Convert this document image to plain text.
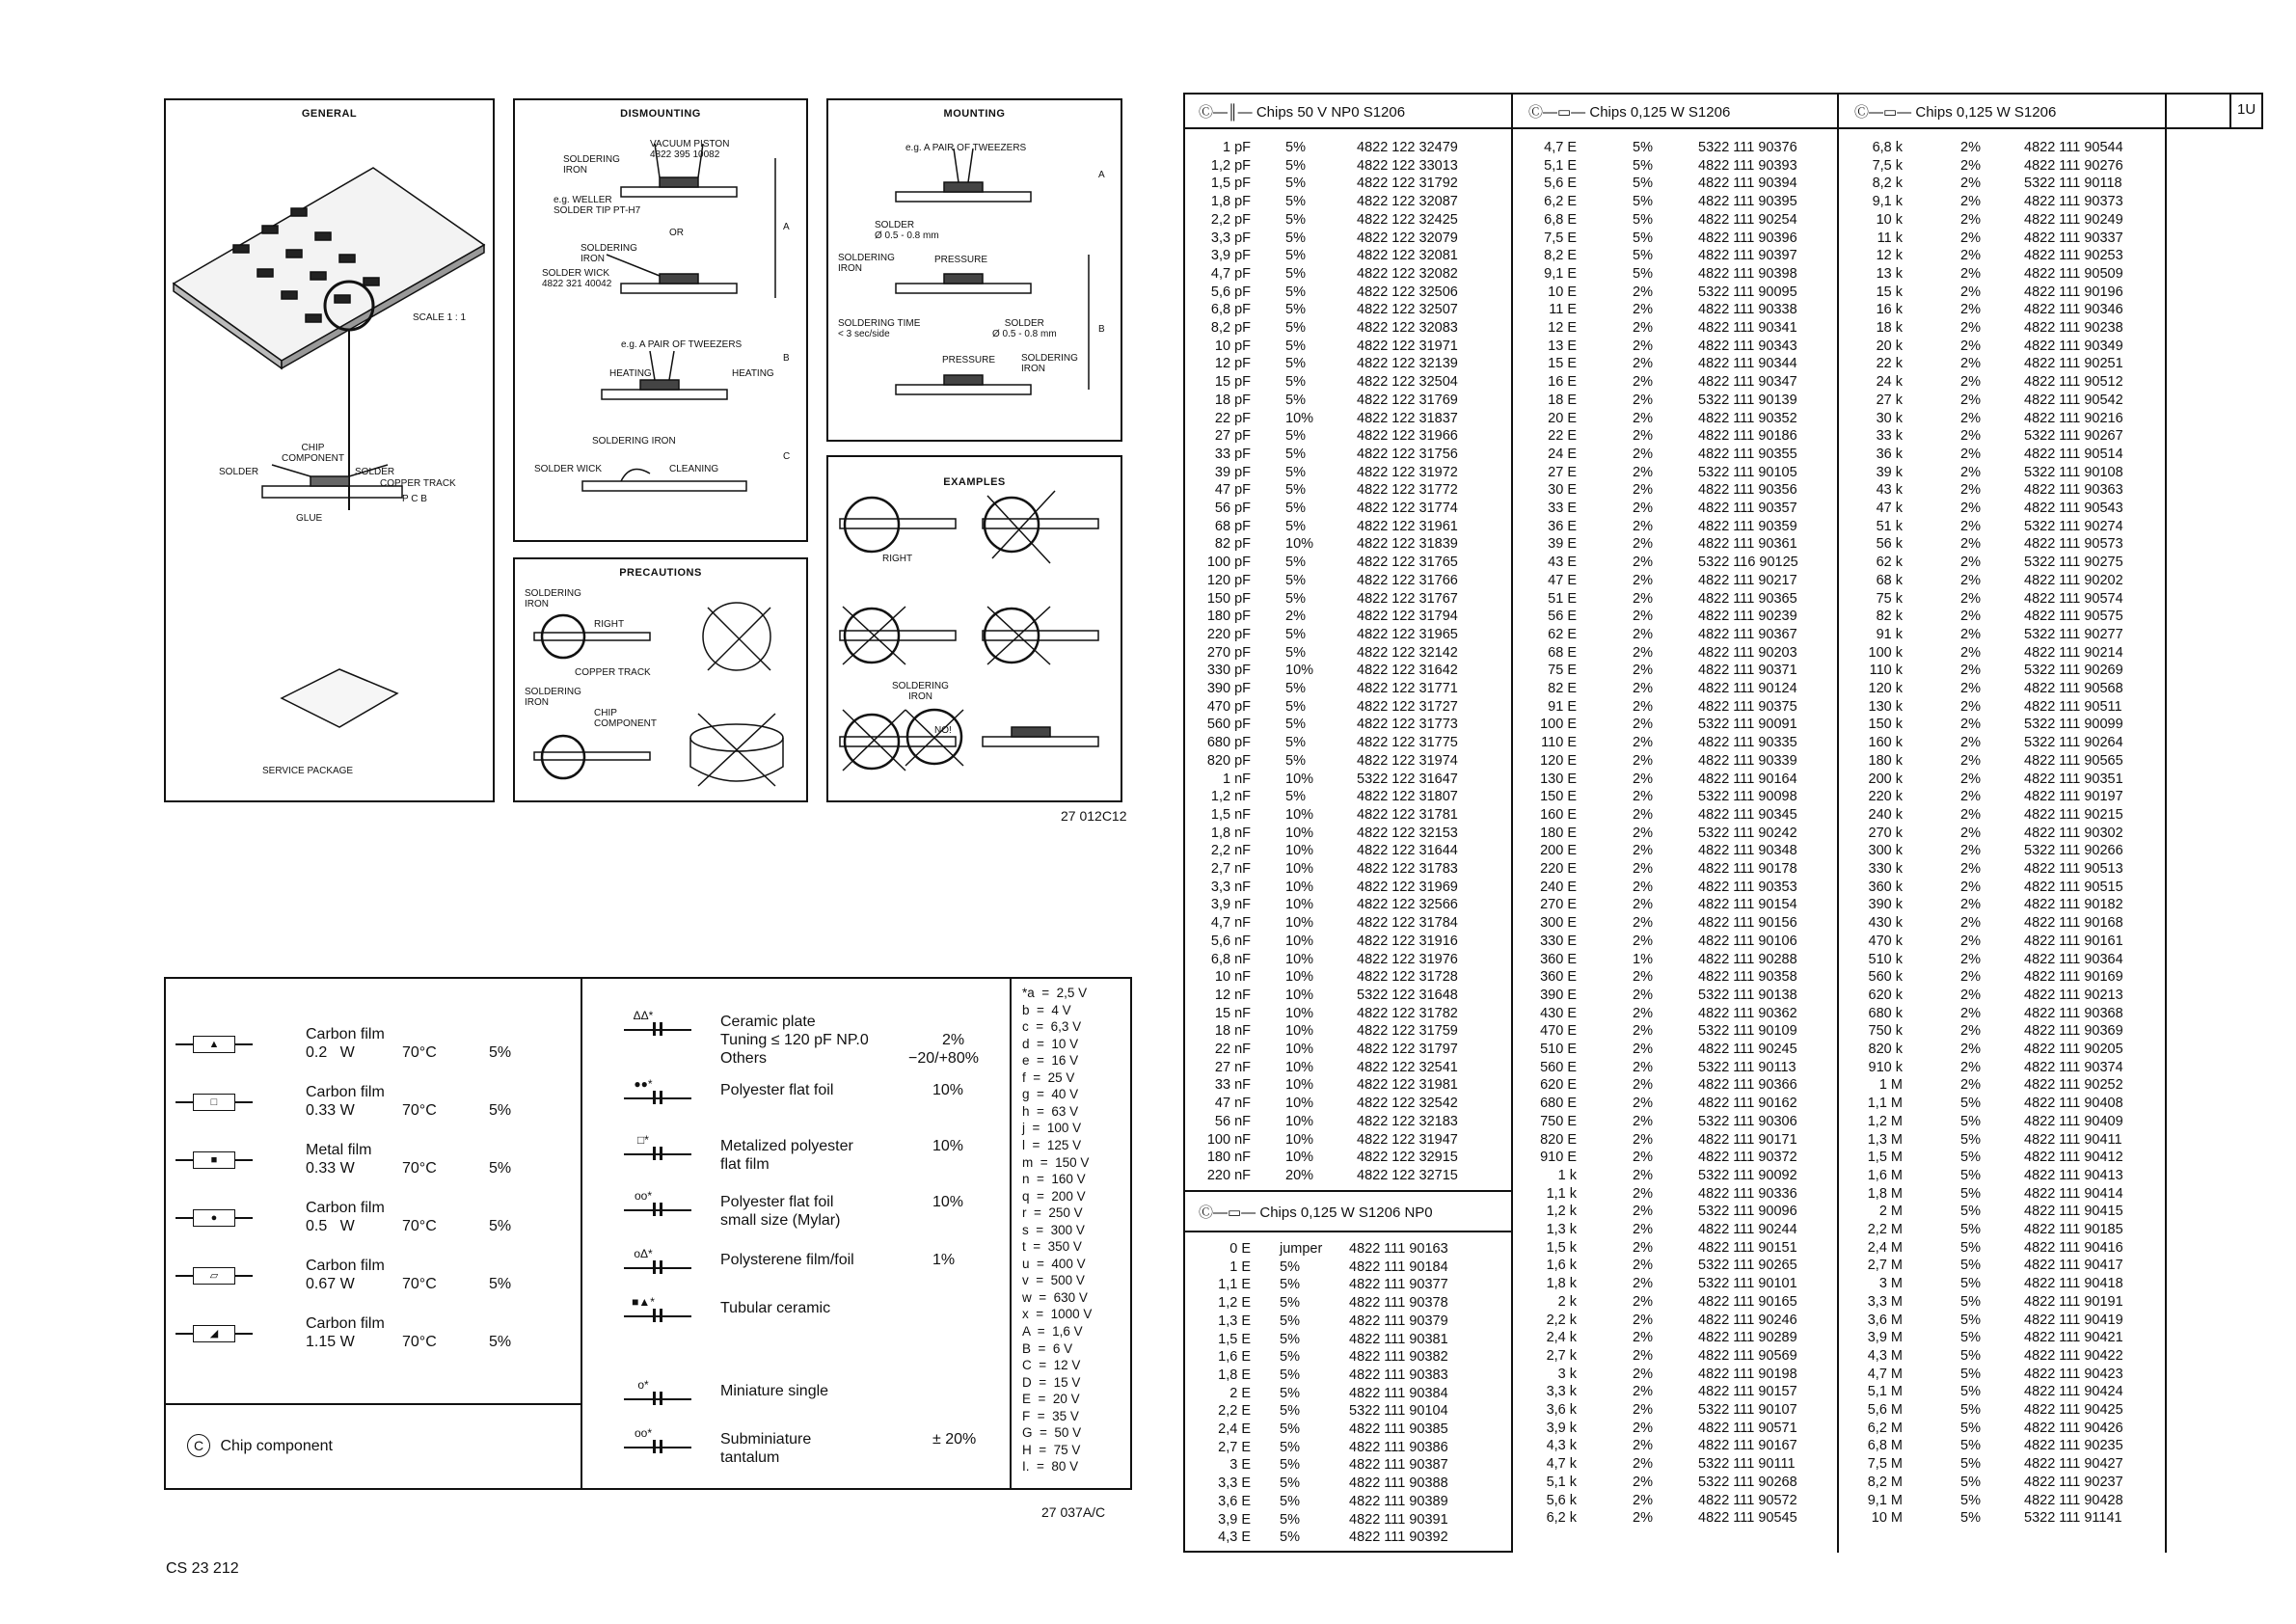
GENERAL
SCALE 1 : 1
CHIP
COMPONENT
SOLDER	SOLDER
COPPER TRACK
P C B
GLUE
SERVICE PACKAGE
DISMOUNTING
VACUUM PISTON
4822 395 10082
SOLDERING
IRON
e.g. WELLER
SOLDER TIP PT-H7
OR
SOLDERING
IRON
SOLDER WICK
4822 321 40042
A
e.g. A PAIR OF TWEEZERS
B
HEATING	HEATING
SOLDERING IRON
C
SOLDER WICK	CLEANING
MOUNTING
e.g. A PAIR OF TWEEZERS
A
SOLDER
Ø 0.5 - 0.8 mm
SOLDERING
IRON
PRESSURE
SOLDERING TIME
< 3 sec/side
SOLDER
Ø 0.5 - 0.8 mm	B
PRESSURE	SOLDERING
IRON
PRECAUTIONS
SOLDERING
IRON
RIGHT
COPPER TRACK
SOLDERING
IRON
CHIP
COMPONENT
EXAMPLES
RIGHT
SOLDERING
IRON
NO!
27 012C12
▲
Carbon film
0.2   W	70°C	5%
□
Carbon film
0.33 W	70°C	5%
■
Metal film
0.33 W	70°C	5%
●
Carbon film
0.5   W	70°C	5%
▱
Carbon film
0.67 W	70°C	5%
◢
Carbon film
1.15 W	70°C	5%
ΔΔ*	Ceramic plate
Tuning ≤ 120 pF NP.0
Others
2%
−20/+80%
●●*	Polyester flat foil	10%
□*	Metalized polyester
flat film
10%
oo*	Polyester flat foil
small size (Mylar)
10%
oΔ*	Polysterene film/foil	1%
■▲*	Tubular ceramic
o*	Miniature single
oo*	Subminiature
tantalum
± 20%
C Chip component
*a  =  2,5 V
b  =  4 V
c  =  6,3 V
d  =  10 V
e  =  16 V
f  =  25 V
g  =  40 V
h  =  63 V
j  =  100 V
l  =  125 V
m  =  150 V
n  =  160 V
q  =  200 V
r  =  250 V
s  =  300 V
t  =  350 V
u  =  400 V
v  =  500 V
w  =  630 V
x  =  1000 V
A  =  1,6 V
B  =  6 V
C  =  12 V
D  =  15 V
E  =  20 V
F  =  35 V
G  =  50 V
H  =  75 V
I.  =  80 V
27 037A/C
CS 23 212
Ⓒ—║— Chips 50 V NP0 S1206	Ⓒ—▭— Chips 0,125 W S1206	Ⓒ—▭— Chips 0,125 W S1206	1U
Ⓒ—▭— Chips 0,125 W S1206 NP0
1 pF 5%	4822 122 32479
1,2 pF 5%	4822 122 33013
1,5 pF 5%	4822 122 31792
1,8 pF 5%	4822 122 32087
2,2 pF 5%	4822 122 32425
3,3 pF 5%	4822 122 32079
3,9 pF 5%	4822 122 32081
4,7 pF 5%	4822 122 32082
5,6 pF 5%	4822 122 32506
6,8 pF 5%	4822 122 32507
8,2 pF 5%	4822 122 32083
10 pF 5%	4822 122 31971
12 pF 5%	4822 122 32139
15 pF 5%	4822 122 32504
18 pF 5%	4822 122 31769
22 pF 10%	4822 122 31837
27 pF 5%	4822 122 31966
33 pF 5%	4822 122 31756
39 pF 5%	4822 122 31972
47 pF 5%	4822 122 31772
56 pF 5%	4822 122 31774
68 pF 5%	4822 122 31961
82 pF 10%	4822 122 31839
100 pF 5%	4822 122 31765
120 pF 5%	4822 122 31766
150 pF 5%	4822 122 31767
180 pF 2%	4822 122 31794
220 pF 5%	4822 122 31965
270 pF 5%	4822 122 32142
330 pF 10%	4822 122 31642
390 pF 5%	4822 122 31771
470 pF 5%	4822 122 31727
560 pF 5%	4822 122 31773
680 pF 5%	4822 122 31775
820 pF 5%	4822 122 31974
1 nF 10%	5322 122 31647
1,2 nF 5%	4822 122 31807
1,5 nF 10%	4822 122 31781
1,8 nF 10%	4822 122 32153
2,2 nF 10%	4822 122 31644
2,7 nF 10%	4822 122 31783
3,3 nF 10%	4822 122 31969
3,9 nF 10%	4822 122 32566
4,7 nF 10%	4822 122 31784
5,6 nF 10%	4822 122 31916
6,8 nF 10%	4822 122 31976
10 nF 10%	4822 122 31728
12 nF 10%	5322 122 31648
15 nF 10%	4822 122 31782
18 nF 10%	4822 122 31759
22 nF 10%	4822 122 31797
27 nF 10%	4822 122 32541
33 nF 10%	4822 122 31981
47 nF 10%	4822 122 32542
56 nF 10%	4822 122 32183
100 nF 10%	4822 122 31947
180 nF 10%	4822 122 32915
220 nF 20%	4822 122 32715
0 E jumper 4822 111 90163
1 E 5%	4822 111 90184
1,1 E 5%	4822 111 90377
1,2 E 5%	4822 111 90378
1,3 E 5%	4822 111 90379
1,5 E 5%	4822 111 90381
1,6 E 5%	4822 111 90382
1,8 E 5%	4822 111 90383
2 E 5%	4822 111 90384
2,2 E 5%	5322 111 90104
2,4 E 5%	4822 111 90385
2,7 E 5%	4822 111 90386
3 E 5%	4822 111 90387
3,3 E 5%	4822 111 90388
3,6 E 5%	4822 111 90389
3,9 E 5%	4822 111 90391
4,3 E 5%	4822 111 90392
4,7 E	5%	5322 111 90376
5,1 E	5%	4822 111 90393
5,6 E	5%	4822 111 90394
6,2 E	5%	4822 111 90395
6,8 E	5%	4822 111 90254
7,5 E	5%	4822 111 90396
8,2 E	5%	4822 111 90397
9,1 E	5%	4822 111 90398
10 E	2%	5322 111 90095
11 E	2%	4822 111 90338
12 E	2%	4822 111 90341
13 E	2%	4822 111 90343
15 E	2%	4822 111 90344
16 E	2%	4822 111 90347
18 E	2%	5322 111 90139
20 E	2%	4822 111 90352
22 E	2%	4822 111 90186
24 E	2%	4822 111 90355
27 E	2%	5322 111 90105
30 E	2%	4822 111 90356
33 E	2%	4822 111 90357
36 E	2%	4822 111 90359
39 E	2%	4822 111 90361
43 E	2%	5322 116 90125
47 E	2%	4822 111 90217
51 E	2%	4822 111 90365
56 E	2%	4822 111 90239
62 E	2%	4822 111 90367
68 E	2%	4822 111 90203
75 E	2%	4822 111 90371
82 E	2%	4822 111 90124
91 E	2%	4822 111 90375
100 E	2%	5322 111 90091
110 E	2%	4822 111 90335
120 E	2%	4822 111 90339
130 E	2%	4822 111 90164
150 E	2%	5322 111 90098
160 E	2%	4822 111 90345
180 E	2%	5322 111 90242
200 E	2%	4822 111 90348
220 E	2%	4822 111 90178
240 E	2%	4822 111 90353
270 E	2%	4822 111 90154
300 E	2%	4822 111 90156
330 E	2%	4822 111 90106
360 E	1%	4822 111 90288
360 E	2%	4822 111 90358
390 E	2%	5322 111 90138
430 E	2%	4822 111 90362
470 E	2%	5322 111 90109
510 E	2%	4822 111 90245
560 E	2%	5322 111 90113
620 E	2%	4822 111 90366
680 E	2%	4822 111 90162
750 E	2%	5322 111 90306
820 E	2%	4822 111 90171
910 E	2%	4822 111 90372
1 k	2%	5322 111 90092
1,1 k	2%	4822 111 90336
1,2 k	2%	5322 111 90096
1,3 k	2%	4822 111 90244
1,5 k	2%	4822 111 90151
1,6 k	2%	5322 111 90265
1,8 k	2%	5322 111 90101
2 k	2%	4822 111 90165
2,2 k	2%	4822 111 90246
2,4 k	2%	4822 111 90289
2,7 k	2%	4822 111 90569
3 k	2%	4822 111 90198
3,3 k	2%	4822 111 90157
3,6 k	2%	5322 111 90107
3,9 k	2%	4822 111 90571
4,3 k	2%	4822 111 90167
4,7 k	2%	5322 111 90111
5,1 k	2%	5322 111 90268
5,6 k	2%	4822 111 90572
6,2 k	2%	4822 111 90545
6,8 k	2%	4822 111 90544
7,5 k	2%	4822 111 90276
8,2 k	2%	5322 111 90118
9,1 k	2%	4822 111 90373
10 k	2%	4822 111 90249
11 k	2%	4822 111 90337
12 k	2%	4822 111 90253
13 k	2%	4822 111 90509
15 k	2%	4822 111 90196
16 k	2%	4822 111 90346
18 k	2%	4822 111 90238
20 k	2%	4822 111 90349
22 k	2%	4822 111 90251
24 k	2%	4822 111 90512
27 k	2%	4822 111 90542
30 k	2%	4822 111 90216
33 k	2%	5322 111 90267
36 k	2%	4822 111 90514
39 k	2%	5322 111 90108
43 k	2%	4822 111 90363
47 k	2%	4822 111 90543
51 k	2%	5322 111 90274
56 k	2%	4822 111 90573
62 k	2%	5322 111 90275
68 k	2%	4822 111 90202
75 k	2%	4822 111 90574
82 k	2%	4822 111 90575
91 k	2%	5322 111 90277
100 k	2%	4822 111 90214
110 k	2%	5322 111 90269
120 k	2%	4822 111 90568
130 k	2%	4822 111 90511
150 k	2%	5322 111 90099
160 k	2%	5322 111 90264
180 k	2%	4822 111 90565
200 k	2%	4822 111 90351
220 k	2%	4822 111 90197
240 k	2%	4822 111 90215
270 k	2%	4822 111 90302
300 k	2%	5322 111 90266
330 k	2%	4822 111 90513
360 k	2%	4822 111 90515
390 k	2%	4822 111 90182
430 k	2%	4822 111 90168
470 k	2%	4822 111 90161
510 k	2%	4822 111 90364
560 k	2%	4822 111 90169
620 k	2%	4822 111 90213
680 k	2%	4822 111 90368
750 k	2%	4822 111 90369
820 k	2%	4822 111 90205
910 k	2%	4822 111 90374
1 M	2%	4822 111 90252
1,1 M	5%	4822 111 90408
1,2 M	5%	4822 111 90409
1,3 M	5%	4822 111 90411
1,5 M	5%	4822 111 90412
1,6 M	5%	4822 111 90413
1,8 M	5%	4822 111 90414
2 M	5%	4822 111 90415
2,2 M	5%	4822 111 90185
2,4 M	5%	4822 111 90416
2,7 M	5%	4822 111 90417
3 M	5%	4822 111 90418
3,3 M	5%	4822 111 90191
3,6 M	5%	4822 111 90419
3,9 M	5%	4822 111 90421
4,3 M	5%	4822 111 90422
4,7 M	5%	4822 111 90423
5,1 M	5%	4822 111 90424
5,6 M	5%	4822 111 90425
6,2 M	5%	4822 111 90426
6,8 M	5%	4822 111 90235
7,5 M	5%	4822 111 90427
8,2 M	5%	4822 111 90237
9,1 M	5%	4822 111 90428
10 M	5%	5322 111 91141
